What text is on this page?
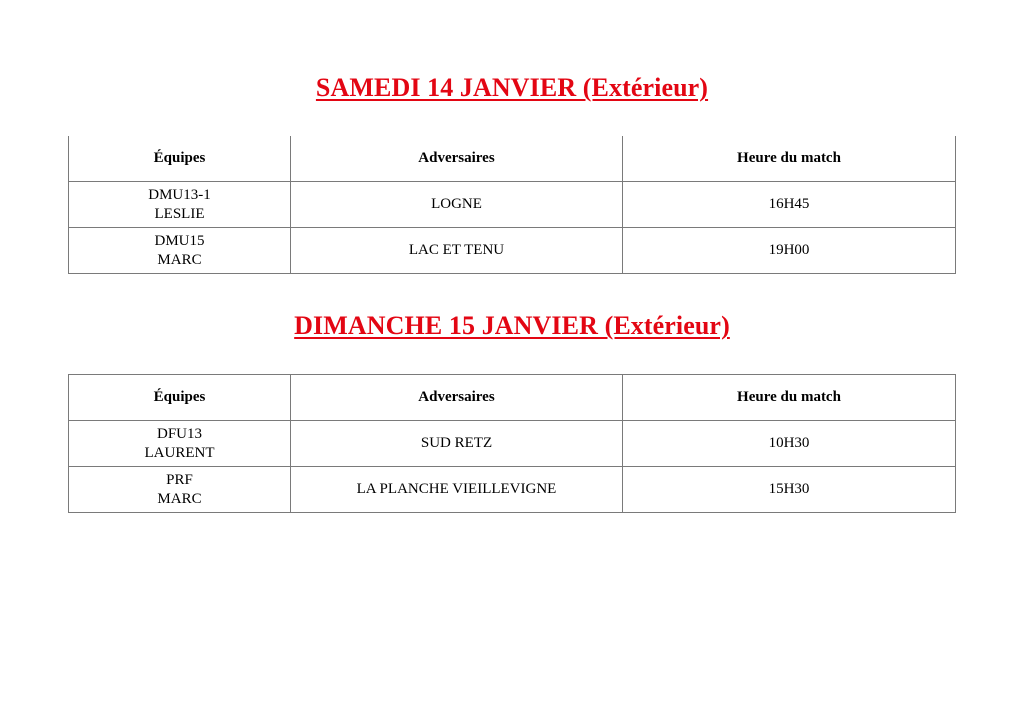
SAMEDI 14 JANVIER (Extérieur)
Équipes	Adversaires	Heure du match

DMU13-1
LESLIE	LOGNE	16H45

DMU15
MARC	LAC ET TENU	19H00
DIMANCHE 15 JANVIER (Extérieur)
Équipes	Adversaires	Heure du match

DFU13
LAURENT	SUD RETZ	10H30

PRF
MARC	LA PLANCHE VIEILLEVIGNE	15H30
